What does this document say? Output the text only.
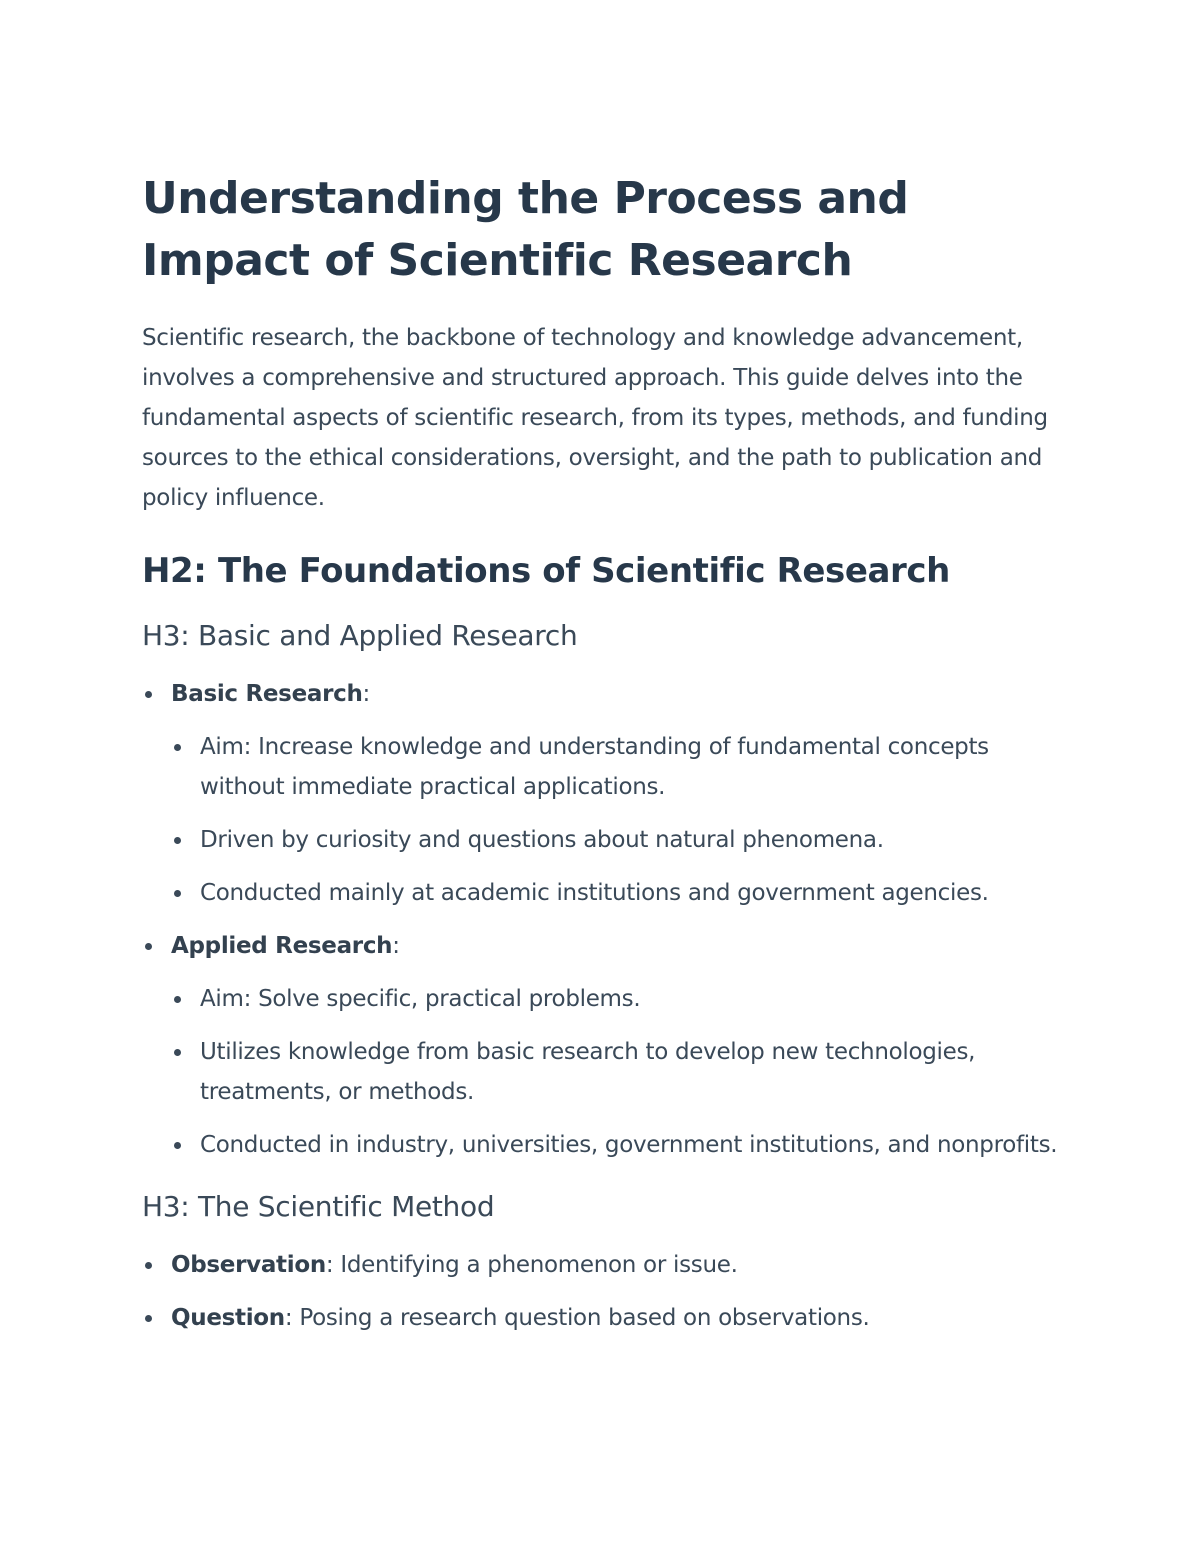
Understanding the Process and Impact of Scientific Research

Scientific research, the backbone of technology and knowledge advancement, involves a comprehensive and structured approach. This guide delves into the fundamental aspects of scientific research, from its types, methods, and funding sources to the ethical considerations, oversight, and the path to publication and policy influence.

H2: The Foundations of Scientific Research
H3: Basic and Applied Research
Basic Research:
Aim: Increase knowledge and understanding of fundamental concepts without immediate practical applications.
Driven by curiosity and questions about natural phenomena.
Conducted mainly at academic institutions and government agencies.
Applied Research:
Aim: Solve specific, practical problems.
Utilizes knowledge from basic research to develop new technologies, treatments, or methods.
Conducted in industry, universities, government institutions, and nonprofits.
H3: The Scientific Method
Observation: Identifying a phenomenon or issue.
Question: Posing a research question based on observations.
